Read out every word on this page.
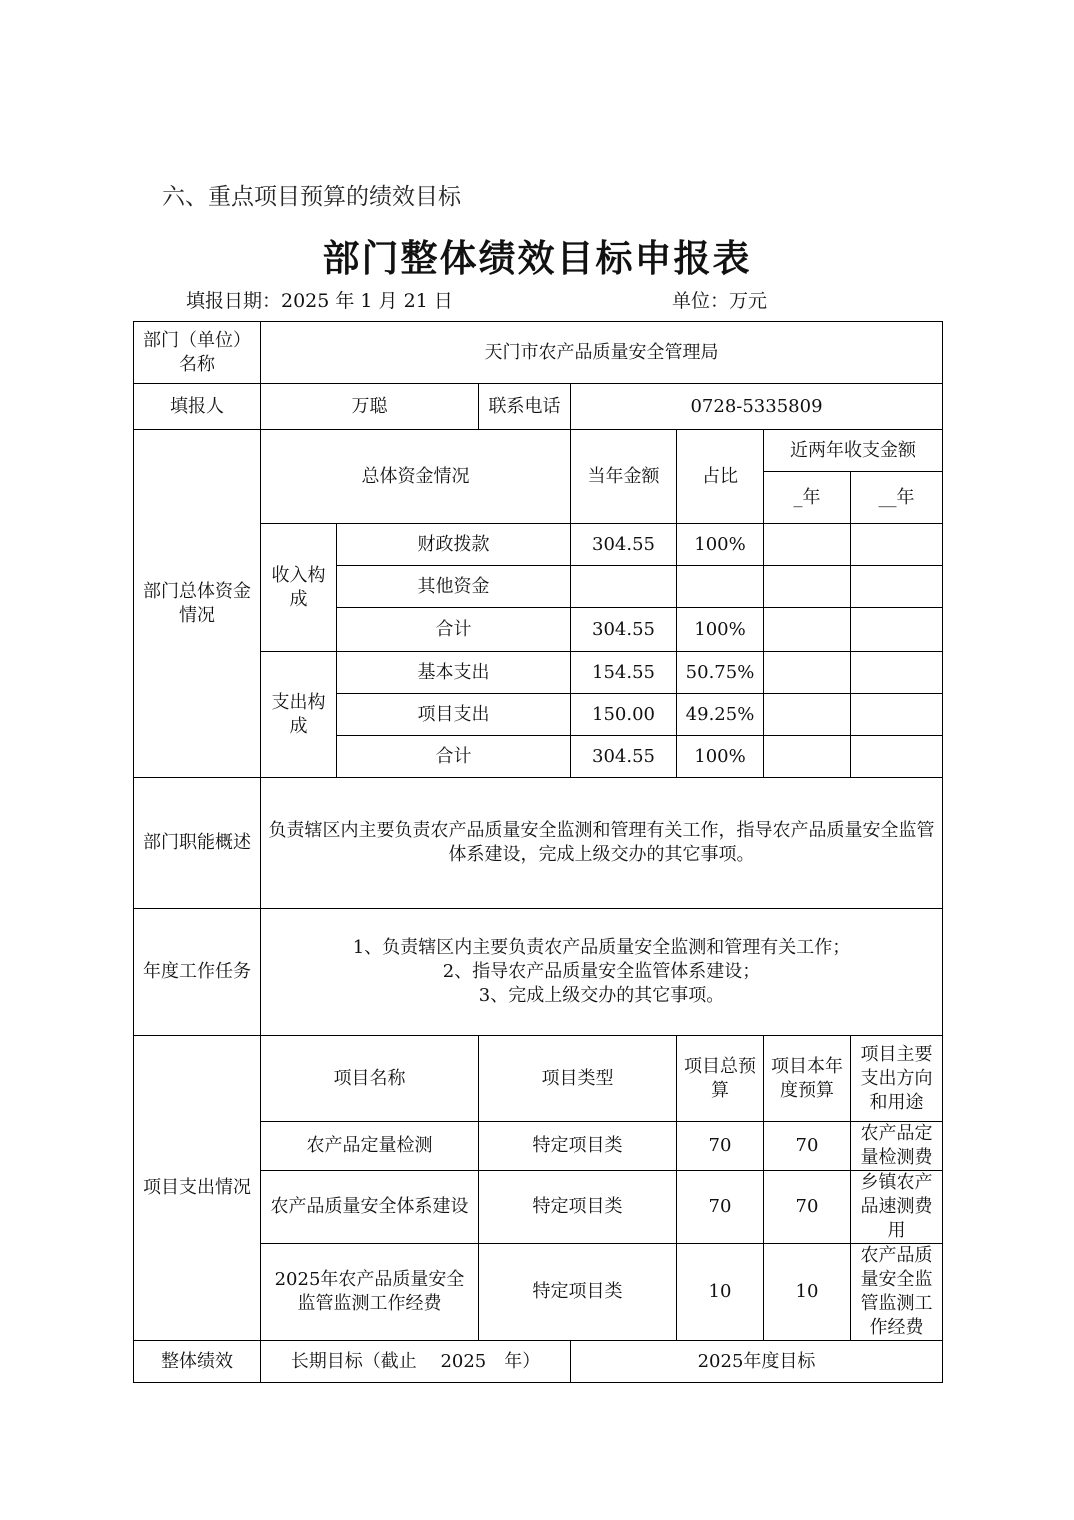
六、重点项目预算的绩效目标
部门整体绩效目标申报表
填报日期：2025 年 1 月 21 日	单位：万元
部门（单位）名称	天门市农产品质量安全管理局						
填报人	万聪		联系电话	0728-5335809			
部门总体资金情况	总体资金情况			当年金额	占比	近两年收支金额	
						_年	__年
	收入构成	财政拨款		304.55	100%		
		其他资金					
		合计		304.55	100%		
	支出构成	基本支出		154.55	50.75%		
		项目支出		150.00	49.25%		
		合计		304.55	100%		
部门职能概述	负责辖区内主要负责农产品质量安全监测和管理有关工作，指导农产品质量安全监管体系建设，完成上级交办的其它事项。						
年度工作任务	1、负责辖区内主要负责农产品质量安全监测和管理有关工作；
2、指导农产品质量安全监管体系建设；
3、完成上级交办的其它事项。						

项目支出情况	项目名称		项目类型		项目总预算	项目本年度预算	项目主要支出方向和用途
	农产品定量检测		特定项目类		70	70	农产品定量检测费
	农产品质量安全体系建设		特定项目类		70	70	乡镇农产品速测费用
	2025年农产品质量安全监管监测工作经费		特定项目类		10	10	农产品质量安全监管监测工作经费
整体绩效	长期目标（截止　 2025　年）			2025年度目标			
